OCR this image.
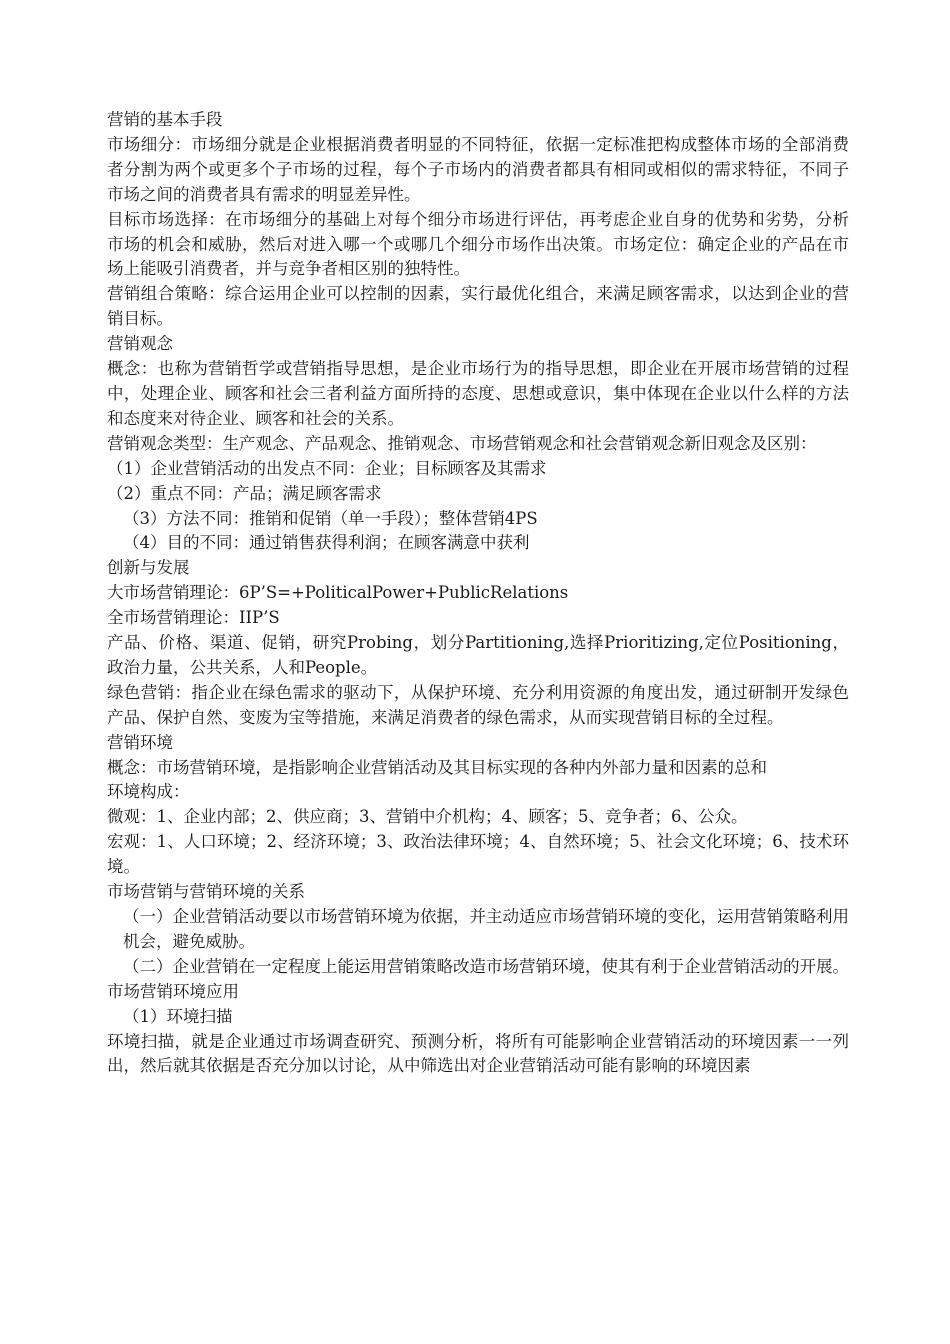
营销的基本手段

市场细分：市场细分就是企业根据消费者明显的不同特征，依据一定标准把构成整体市场的全部消费者分割为两个或更多个子市场的过程，每个子市场内的消费者都具有相同或相似的需求特征，不同子市场之间的消费者具有需求的明显差异性。

目标市场选择：在市场细分的基础上对每个细分市场进行评估，再考虑企业自身的优势和劣势，分析市场的机会和威胁，然后对进入哪一个或哪几个细分市场作出决策。市场定位：确定企业的产品在市场上能吸引消费者，并与竞争者相区别的独特性。

营销组合策略：综合运用企业可以控制的因素，实行最优化组合，来满足顾客需求，以达到企业的营销目标。

营销观念

概念：也称为营销哲学或营销指导思想，是企业市场行为的指导思想，即企业在开展市场营销的过程中，处理企业、顾客和社会三者利益方面所持的态度、思想或意识，集中体现在企业以什么样的方法和态度来对待企业、顾客和社会的关系。

营销观念类型：生产观念、产品观念、推销观念、市场营销观念和社会营销观念新旧观念及区别：

（1）企业营销活动的出发点不同：企业；目标顾客及其需求

（2）重点不同：产品；满足顾客需求

（3）方法不同：推销和促销（单一手段）；整体营销4PS

（4）目的不同：通过销售获得利润；在顾客满意中获利

创新与发展

大市场营销理论：6P’S=+PoliticalPower+PublicRelations

全市场营销理论：IIP’S

产品、价格、渠道、促销，研究Probing，划分Partitioning,选择Prioritizing,定位Positioning，政治力量，公共关系，人和People。

绿色营销：指企业在绿色需求的驱动下，从保护环境、充分利用资源的角度出发，通过研制开发绿色产品、保护自然、变废为宝等措施，来满足消费者的绿色需求，从而实现营销目标的全过程。

营销环境

概念：市场营销环境，是指影响企业营销活动及其目标实现的各种内外部力量和因素的总和

环境构成：

微观：1、企业内部；2、供应商；3、营销中介机构；4、顾客；5、竞争者；6、公众。

宏观：1、人口环境；2、经济环境；3、政治法律环境；4、自然环境；5、社会文化环境；6、技术环境。

市场营销与营销环境的关系

（一）企业营销活动要以市场营销环境为依据，并主动适应市场营销环境的变化，运用营销策略利用机会，避免威胁。

（二）企业营销在一定程度上能运用营销策略改造市场营销环境，使其有利于企业营销活动的开展。

市场营销环境应用

（1）环境扫描

环境扫描，就是企业通过市场调查研究、预测分析，将所有可能影响企业营销活动的环境因素一一列出，然后就其依据是否充分加以讨论，从中筛选出对企业营销活动可能有影响的环境因素
